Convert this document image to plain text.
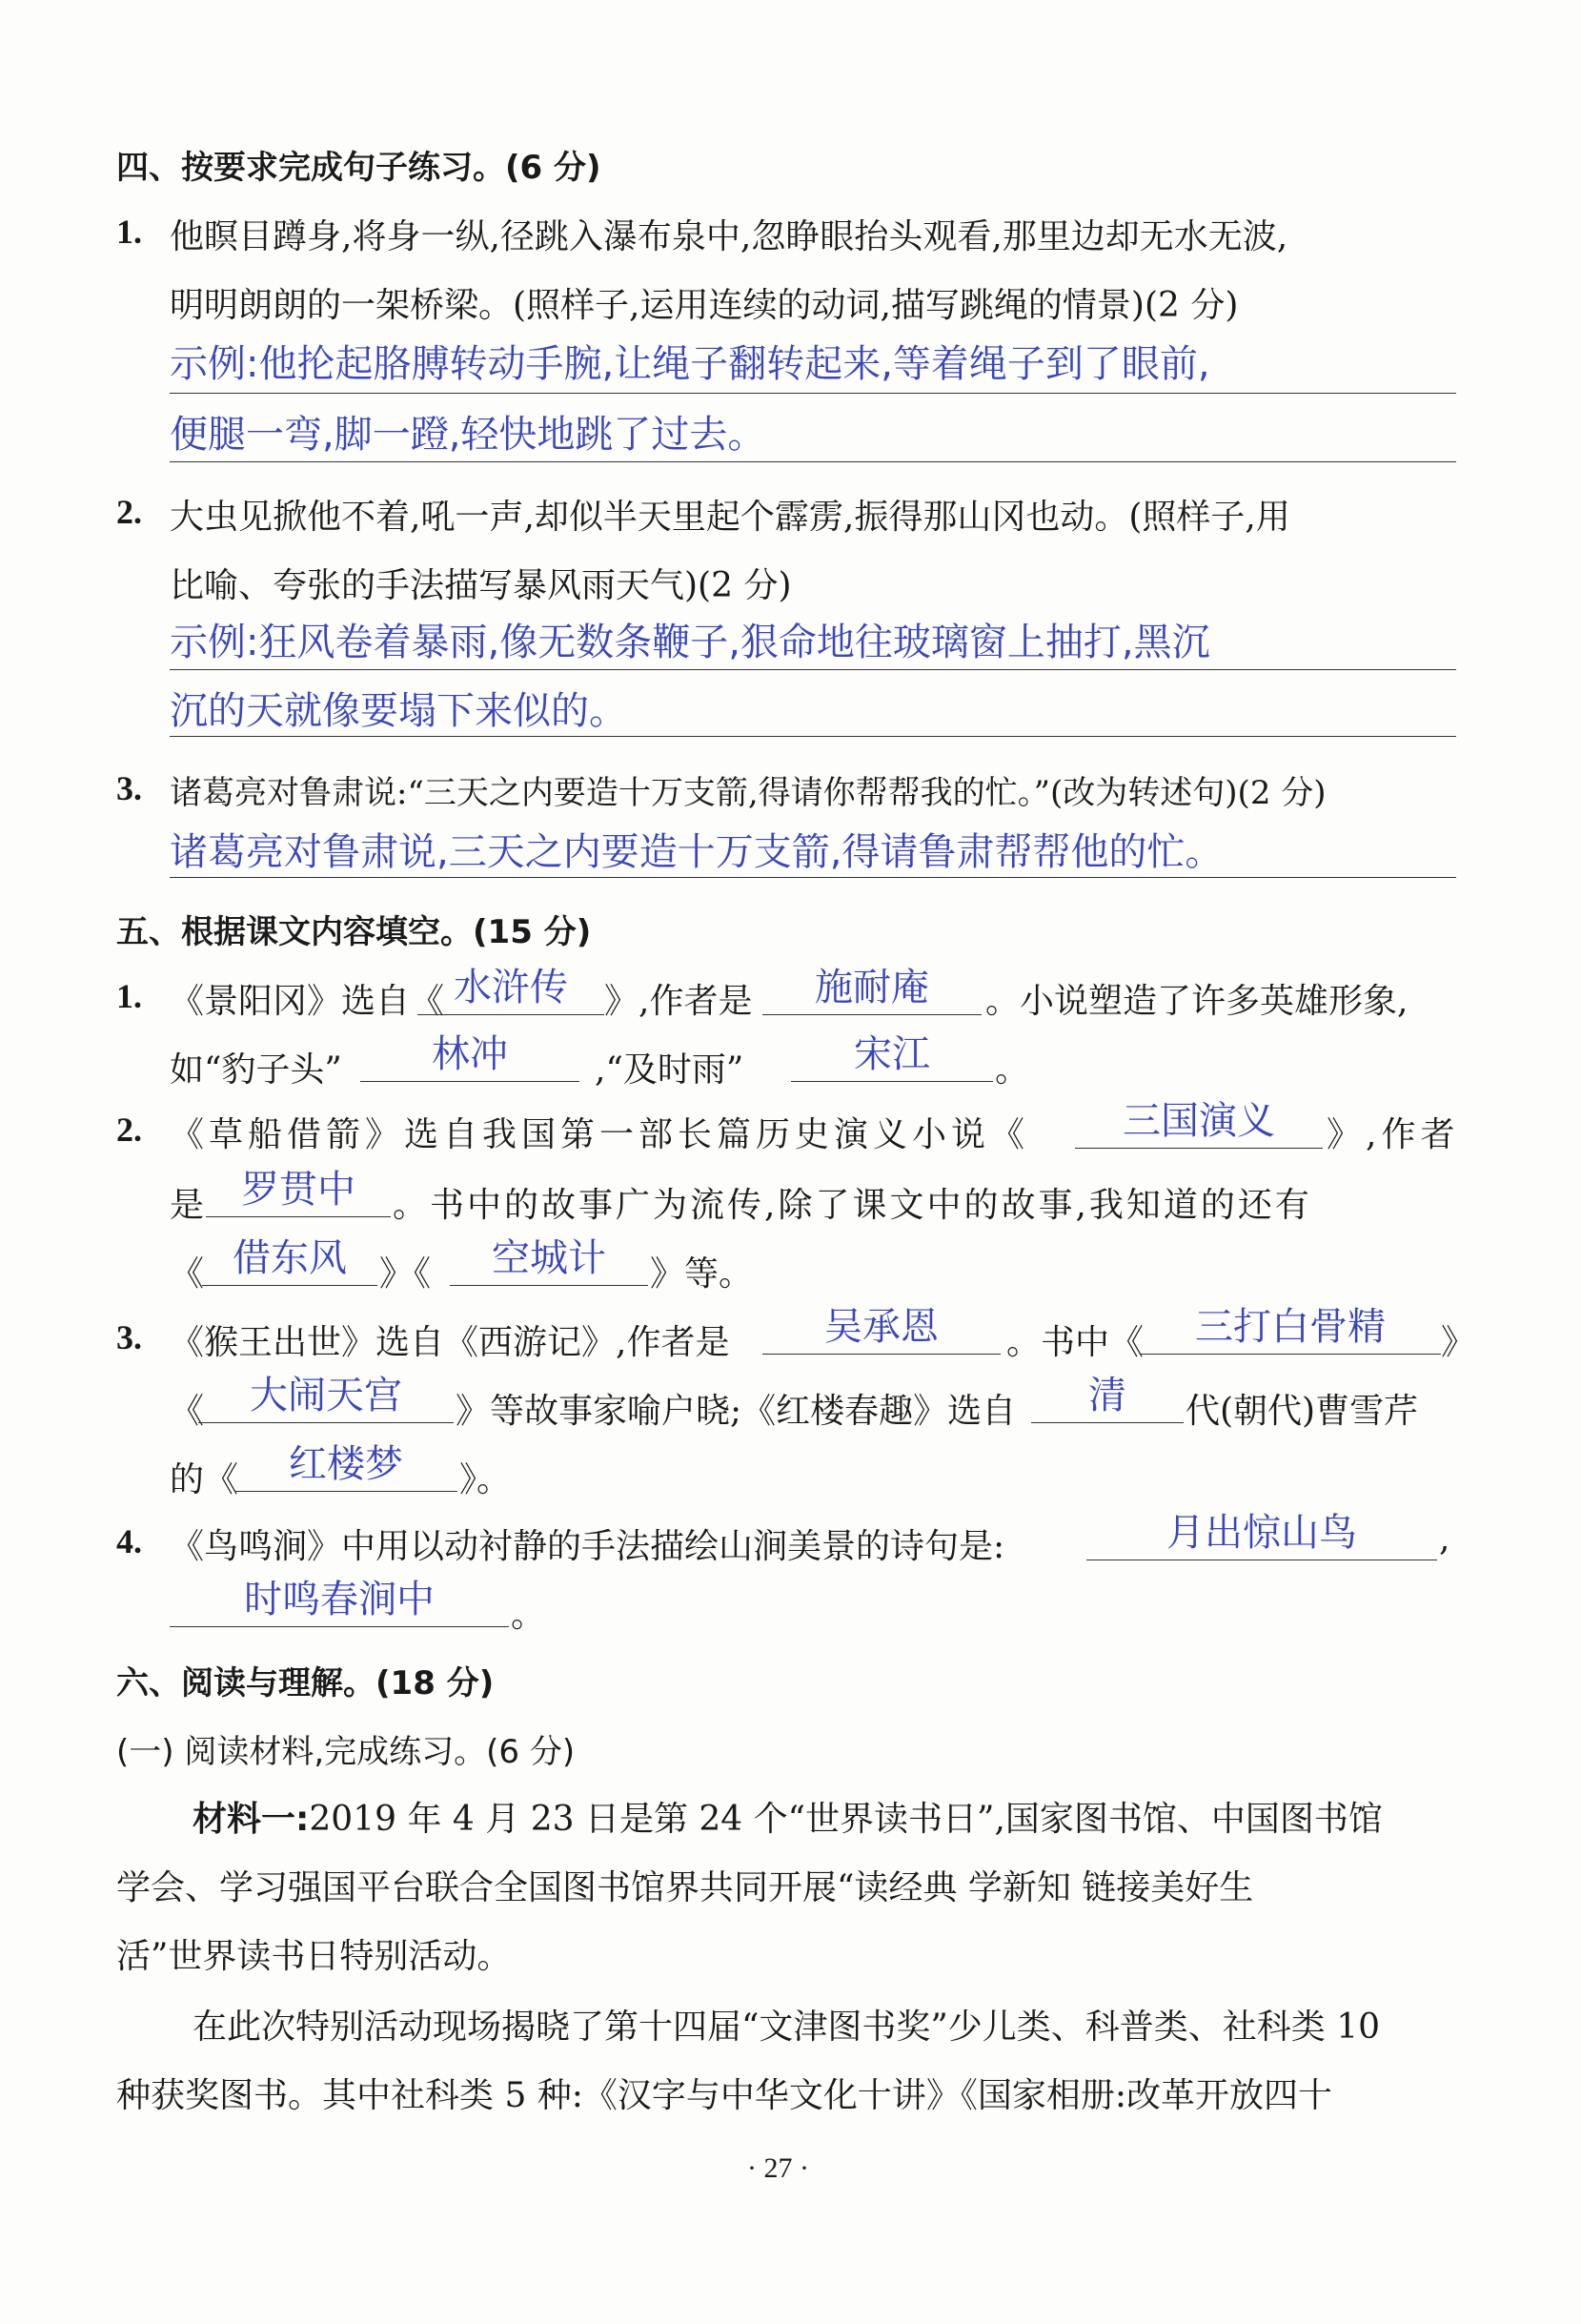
四、按要求完成句子练习。(6 分)
1. 他瞑目蹲身,将身一纵,径跳入瀑布泉中,忽睁眼抬头观看,那里边却无水无波,
明明朗朗的一架桥梁。(照样子,运用连续的动词,描写跳绳的情景)(2 分)
示例:他抡起胳膊转动手腕,让绳子翻转起来,等着绳子到了眼前,
便腿一弯,脚一蹬,轻快地跳了过去。
2. 大虫见掀他不着,吼一声,却似半天里起个霹雳,振得那山冈也动。(照样子,用
比喻、夸张的手法描写暴风雨天气)(2 分)
示例:狂风卷着暴雨,像无数条鞭子,狠命地往玻璃窗上抽打,黑沉
沉的天就像要塌下来似的。
3. 诸葛亮对鲁肃说:“三天之内要造十万支箭,得请你帮帮我的忙。”(改为转述句)(2 分)
诸葛亮对鲁肃说,三天之内要造十万支箭,得请鲁肃帮帮他的忙。
五、根据课文内容填空。(15 分)
1. 《景阳冈》选自《 水浒传	》,作者是	施耐庵	。小说塑造了许多英雄形象,
如“豹子头”	林冲	,“及时雨”	宋江	。
2. 《草船借箭》选自我国第一部长篇历史演义小说《	三国演义	》,作者
是 罗贯中	。书中的故事广为流传,除了课文中的故事,我知道的还有
《 借东风 》《	空城计	》等。
3. 《猴王出世》选自《西游记》,作者是	吴承恩	。书中《	三打白骨精	》
《	大闹天宫	》等故事家喻户晓;《红楼春趣》选自	清	代(朝代)曹雪芹
的《	红楼梦	》。
4. 《鸟鸣涧》中用以动衬静的手法描绘山涧美景的诗句是:	月出惊山鸟	,
时鸣春涧中	。
六、阅读与理解。(18 分)
(一) 阅读材料,完成练习。(6 分)
材料一:2019 年 4 月 23 日是第 24 个“世界读书日”,国家图书馆、中国图书馆
学会、学习强国平台联合全国图书馆界共同开展“读经典 学新知 链接美好生
活”世界读书日特别活动。
在此次特别活动现场揭晓了第十四届“文津图书奖”少儿类、科普类、社科类 10
种获奖图书。其中社科类 5 种:《汉字与中华文化十讲》《国家相册:改革开放四十
· 27 ·
